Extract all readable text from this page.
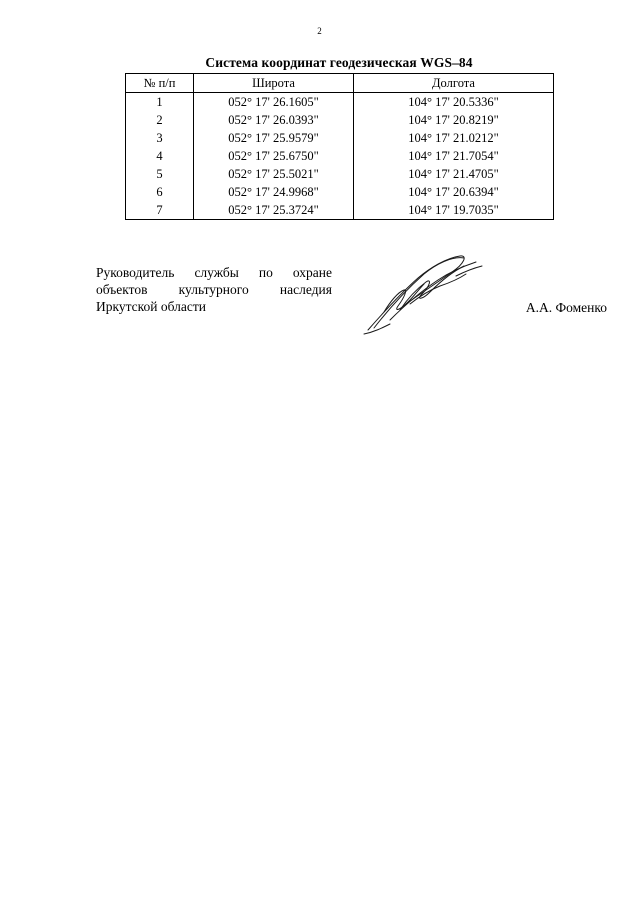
2
Система координат геодезическая WGS–84
№ п/п	Широта	Долгота
1	052° 17' 26.1605"	104° 17' 20.5336"
2	052° 17' 26.0393"	104° 17' 20.8219"
3	052° 17' 25.9579"	104° 17' 21.0212"
4	052° 17' 25.6750"	104° 17' 21.7054"
5	052° 17' 25.5021"	104° 17' 21.4705"
6	052° 17' 24.9968"	104° 17' 20.6394"
7	052° 17' 25.3724"	104° 17' 19.7035"
Руководитель службы по охране
объектов культурного наследия
Иркутской области	А.А. Фоменко
